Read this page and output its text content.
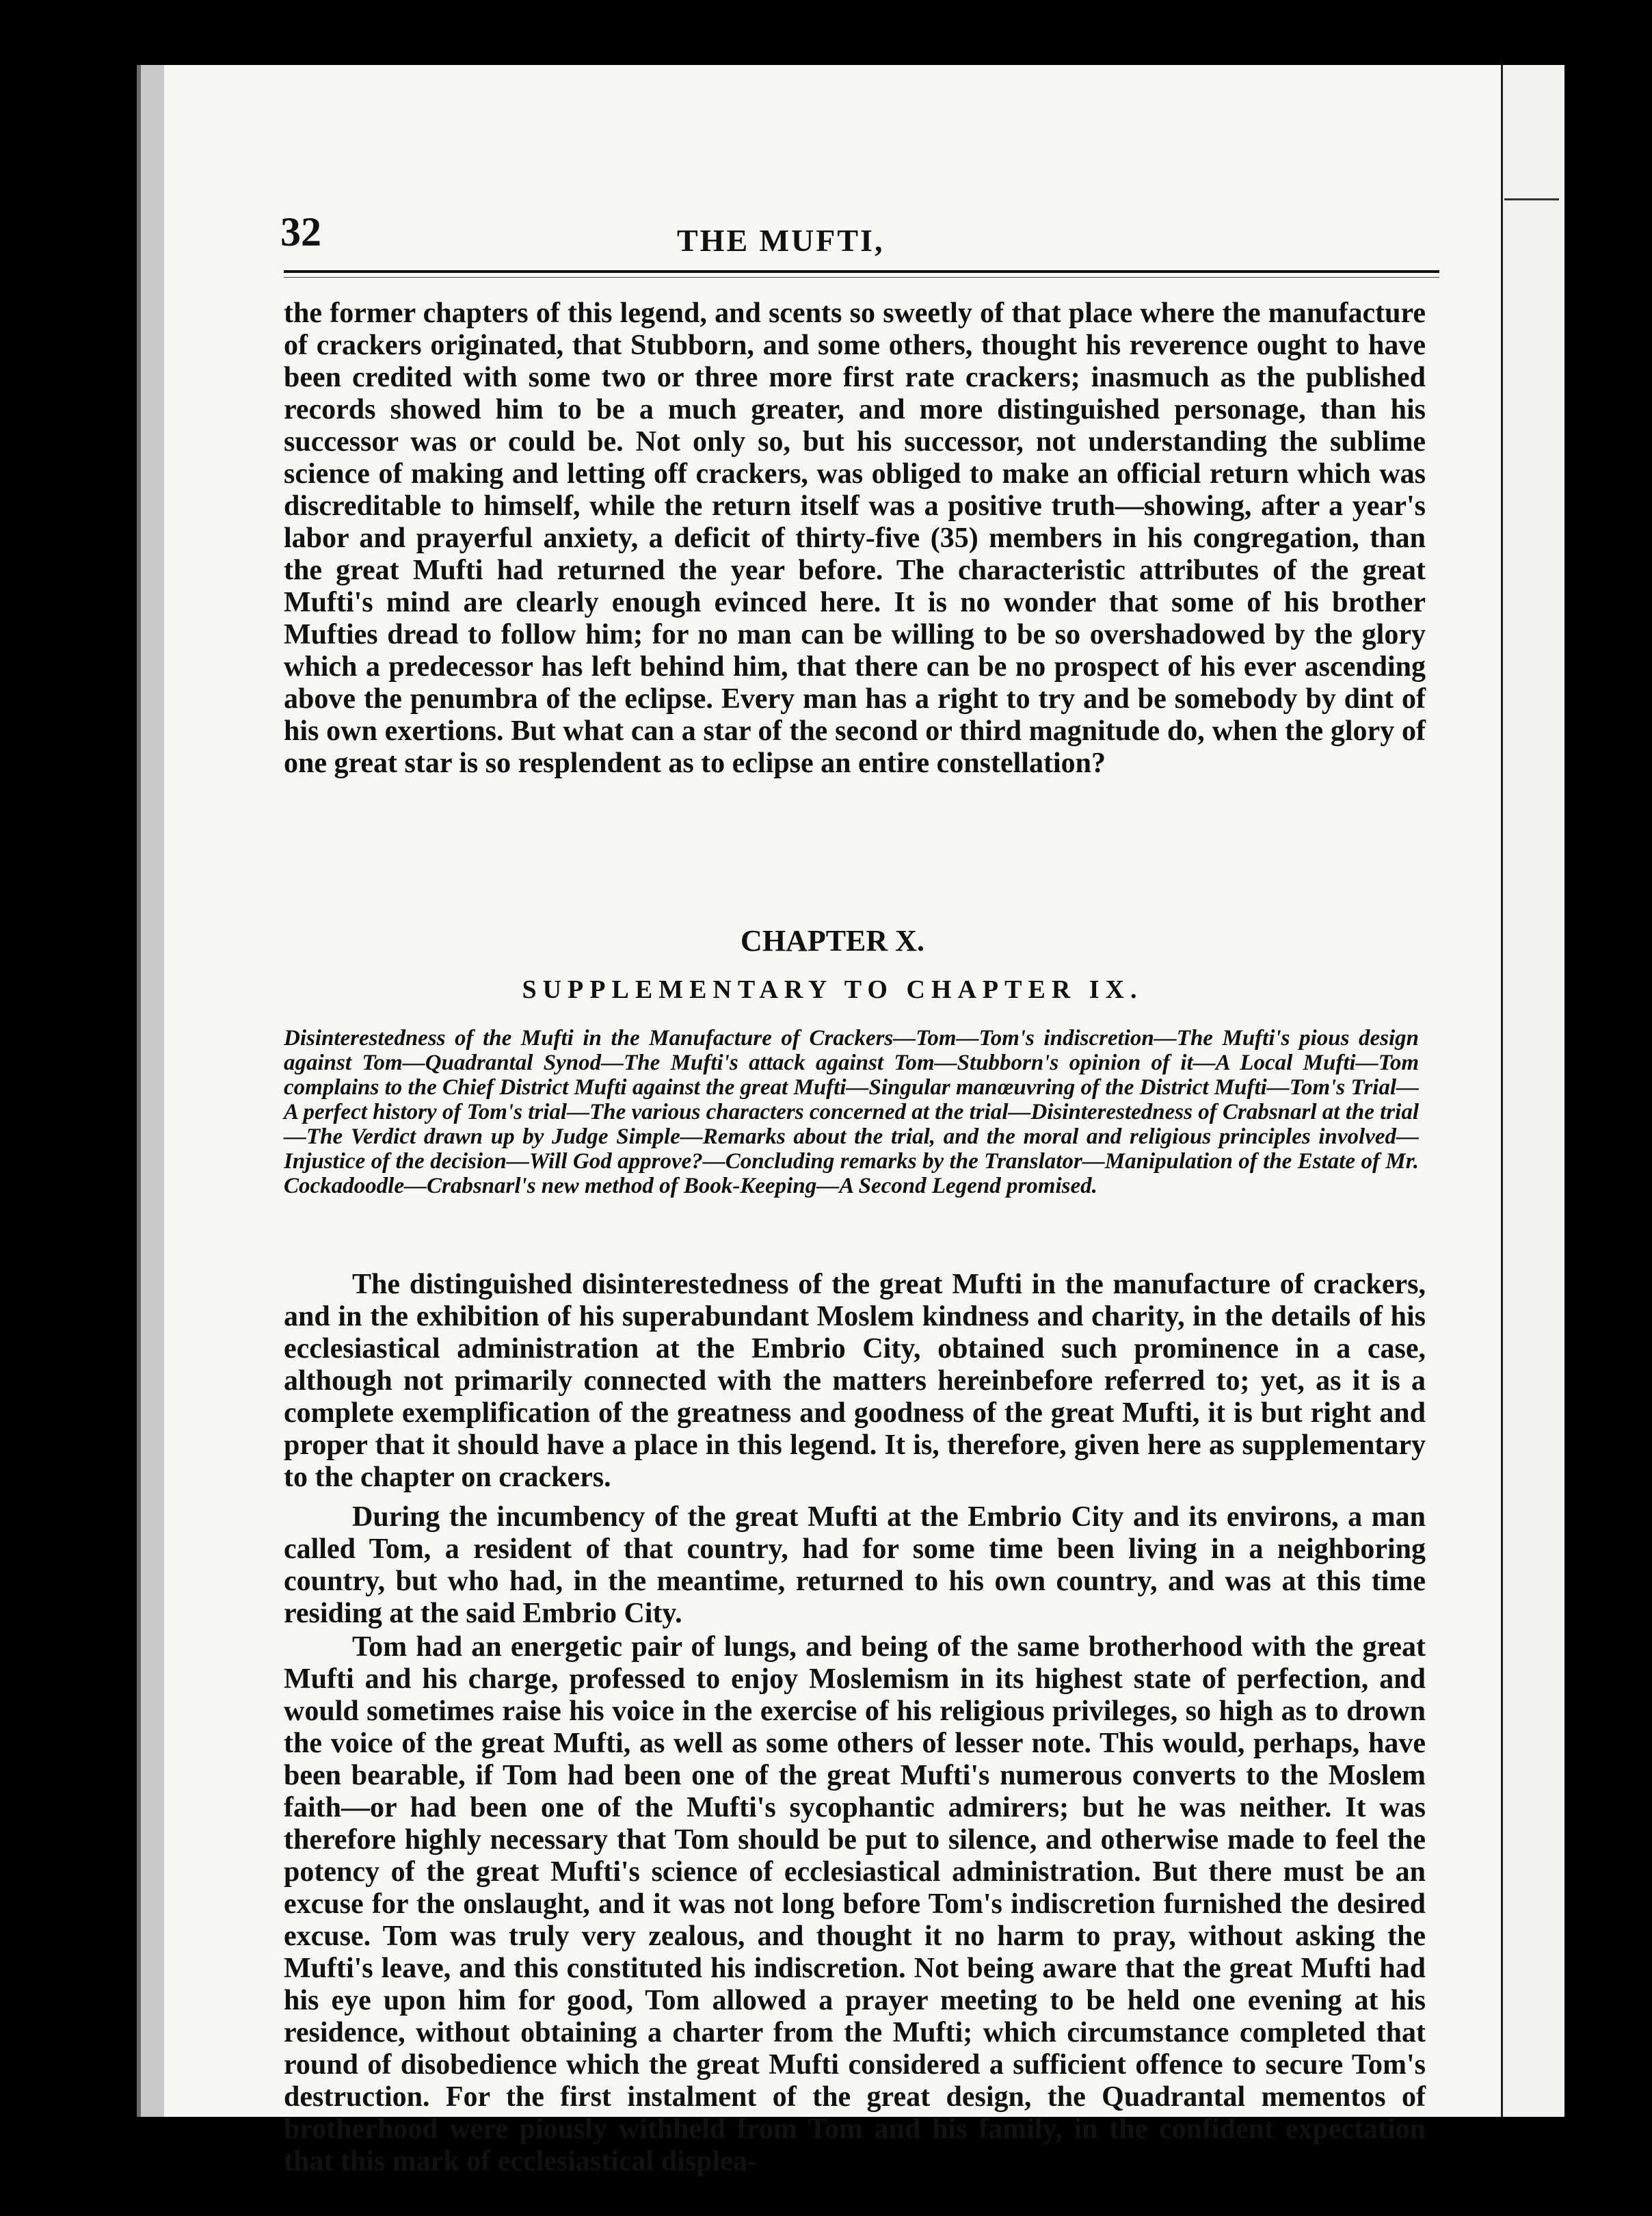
32	THE MUFTI,

the former chapters of this legend, and scents so sweetly of that place where the manufacture of crackers originated, that Stubborn, and some others, thought his reverence ought to have been credited with some two or three more first rate crackers; inasmuch as the published records showed him to be a much greater, and more distinguished personage, than his successor was or could be. Not only so, but his successor, not understanding the sublime science of making and letting off crackers, was obliged to make an official return which was discreditable to himself, while the return itself was a positive truth—showing, after a year's labor and prayerful anxiety, a deficit of thirty-five (35) members in his congregation, than the great Mufti had returned the year before. The characteristic attributes of the great Mufti's mind are clearly enough evinced here. It is no wonder that some of his brother Mufties dread to follow him; for no man can be willing to be so overshadowed by the glory which a predecessor has left behind him, that there can be no prospect of his ever ascending above the penumbra of the eclipse. Every man has a right to try and be somebody by dint of his own exertions. But what can a star of the second or third magnitude do, when the glory of one great star is so resplendent as to eclipse an entire constellation?

CHAPTER X.
SUPPLEMENTARY TO CHAPTER IX.

Disinterestedness of the Mufti in the Manufacture of Crackers—Tom—Tom's indiscretion—The Mufti's pious design against Tom—Quadrantal Synod—The Mufti's attack against Tom—Stubborn's opinion of it—A Local Mufti—Tom complains to the Chief District Mufti against the great Mufti—Singular manœuvring of the District Mufti—Tom's Trial—A perfect history of Tom's trial—The various characters concerned at the trial—Disinterestedness of Crabsnarl at the trial—The Verdict drawn up by Judge Simple—Remarks about the trial, and the moral and religious principles involved—Injustice of the decision—Will God approve?—Concluding remarks by the Translator—Manipulation of the Estate of Mr. Cockadoodle—Crabsnarl's new method of Book-Keeping—A Second Legend promised.

The distinguished disinterestedness of the great Mufti in the manufacture of crackers, and in the exhibition of his superabundant Moslem kindness and charity, in the details of his ecclesiastical administration at the Embrio City, obtained such prominence in a case, although not primarily connected with the matters hereinbefore referred to; yet, as it is a complete exemplification of the greatness and goodness of the great Mufti, it is but right and proper that it should have a place in this legend. It is, therefore, given here as supplementary to the chapter on crackers.

During the incumbency of the great Mufti at the Embrio City and its environs, a man called Tom, a resident of that country, had for some time been living in a neighboring country, but who had, in the meantime, returned to his own country, and was at this time residing at the said Embrio City.

Tom had an energetic pair of lungs, and being of the same brotherhood with the great Mufti and his charge, professed to enjoy Moslemism in its highest state of perfection, and would sometimes raise his voice in the exercise of his religious privileges, so high as to drown the voice of the great Mufti, as well as some others of lesser note. This would, perhaps, have been bearable, if Tom had been one of the great Mufti's numerous converts to the Moslem faith—or had been one of the Mufti's sycophantic admirers; but he was neither. It was therefore highly necessary that Tom should be put to silence, and otherwise made to feel the potency of the great Mufti's science of ecclesiastical administration. But there must be an excuse for the onslaught, and it was not long before Tom's indiscretion furnished the desired excuse. Tom was truly very zealous, and thought it no harm to pray, without asking the Mufti's leave, and this constituted his indiscretion. Not being aware that the great Mufti had his eye upon him for good, Tom allowed a prayer meeting to be held one evening at his residence, without obtaining a charter from the Mufti; which circumstance completed that round of disobedience which the great Mufti considered a sufficient offence to secure Tom's destruction. For the first instalment of the great design, the Quadrantal mementos of brotherhood were piously withheld from Tom and his family, in the confident expectation that this mark of ecclesiastical displea-
